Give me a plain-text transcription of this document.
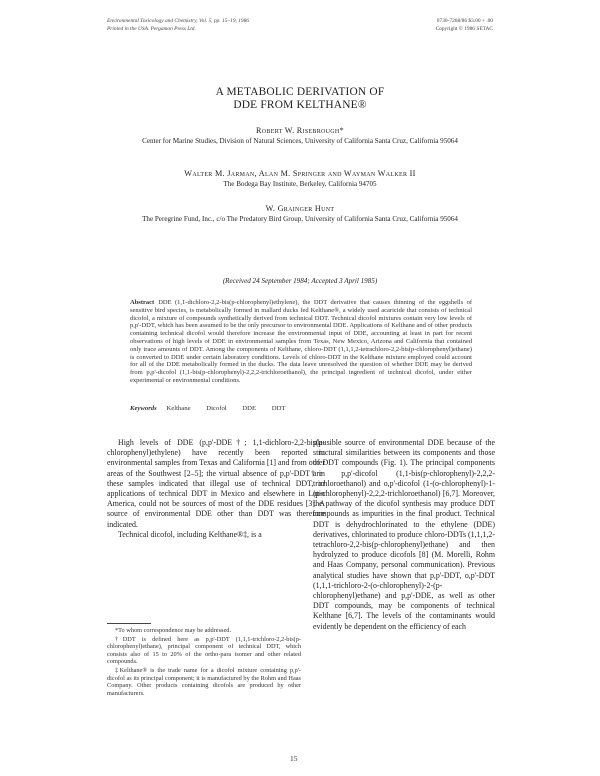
Environmental Toxicology and Chemistry, Vol. 5, pp. 15–19, 1986
Printed in the USA. Pergamon Press Ltd.
0730-7268/86 $3.00 + .00
Copyright © 1986 SETAC
A METABOLIC DERIVATION OF
DDE FROM KELTHANE®
Robert W. Risebrough*
Center for Marine Studies, Division of Natural Sciences, University of California Santa Cruz, California 95064
Walter M. Jarman, Alan M. Springer and Wayman Walker II
The Bodega Bay Institute, Berkeley, California 94705
W. Grainger Hunt
The Peregrine Fund, Inc., c/o The Predatory Bird Group, University of California Santa Cruz, California 95064
(Received 24 September 1984; Accepted 3 April 1985)
Abstract DDE (1,1-dichloro-2,2-bis(p-chlorophenyl)ethylene), the DDT derivative that causes thinning of the eggshells of sensitive bird species, is metabolically formed in mallard ducks fed Kelthane®, a widely used acaricide that consists of technical dicofol, a mixture of compounds synthetically derived from technical DDT. Technical dicofol mixtures contain very low levels of p,p'-DDT, which has been assumed to be the only precursor to environmental DDE. Applications of Kelthane and of other products containing technical dicofol would therefore increase the environmental input of DDE, accounting at least in part for recent observations of high levels of DDE in environmental samples from Texas, New Mexico, Arizona and California that contained only trace amounts of DDT. Among the components of Kelthane, chloro-DDT (1,1,1,2-tetrachloro-2,2-bis(p-chlorophenyl)ethane) is converted to DDE under certain laboratory conditions. Levels of chloro-DDT in the Kelthane mixture employed could account for all of the DDE metabolically formed in the ducks. The data leave unresolved the question of whether DDE may be derived from p,p'-dicofol (1,1-bis(p-chlorophenyl)-2,2,2-trichloroethanol), the principal ingredient of technical dicofol, under either experimental or environmental conditions.
Keywords Kelthane Dicofol DDE DDT

High levels of DDE (p,p'-DDE†; 1,1-dichloro-2,2-bis(p-chlorophenyl)ethylene) have recently been reported in environmental samples from Texas and California [1] and from other areas of the Southwest [2–5]; the virtual absence of p,p'-DDT† in these samples indicated that illegal use of technical DDT, or applications of technical DDT in Mexico and elsewhere in Latin America, could not be sources of most of the DDE residues [3]. A source of environmental DDE other than DDT was therefore indicated.

Technical dicofol, including Kelthane®‡, is a

plausible source of environmental DDE because of the structural similarities between its components and those of DDT compounds (Fig. 1). The principal components are p,p'-dicofol (1,1-bis(p-chlorophenyl)-2,2,2-trichloroethanol) and o,p'-dicofol (1-(o-chlorophenyl)-1-(p-chlorophenyl)-2,2,2-trichloroethanol) [6,7]. Moreover, the pathway of the dicofol synthesis may produce DDT compounds as impurities in the final product. Technical DDT is dehydrochlorinated to the ethylene (DDE) derivatives, chlorinated to produce chloro-DDTs (1,1,1,2-tetrachloro-2,2-bis(p-chlorophenyl)ethane) and then hydrolyzed to produce dicofols [8] (M. Morelli, Rohm and Haas Company, personal communication). Previous analytical studies have shown that p,p'-DDT, o,p'-DDT (1,1,1-trichloro-2-(o-chlorophenyl)-2-(p-chlorophenyl)ethane) and p,p'-DDE, as well as other DDT compounds, may be components of technical Kelthane [6,7]. The levels of the contaminants would evidently be dependent on the efficiency of each

*To whom correspondence may be addressed.

†DDT is defined here as p,p'-DDT (1,1,1-trichloro-2,2-bis(p-chlorophenyl)ethane), principal component of technical DDT, which consists also of 15 to 20% of the ortho-para isomer and other related compounds.

‡Kelthane® is the trade name for a dicofol mixture containing p,p'-dicofol as its principal component; it is manufactured by the Rohm and Haas Company. Other products containing dicofols are produced by other manufacturers.

15
